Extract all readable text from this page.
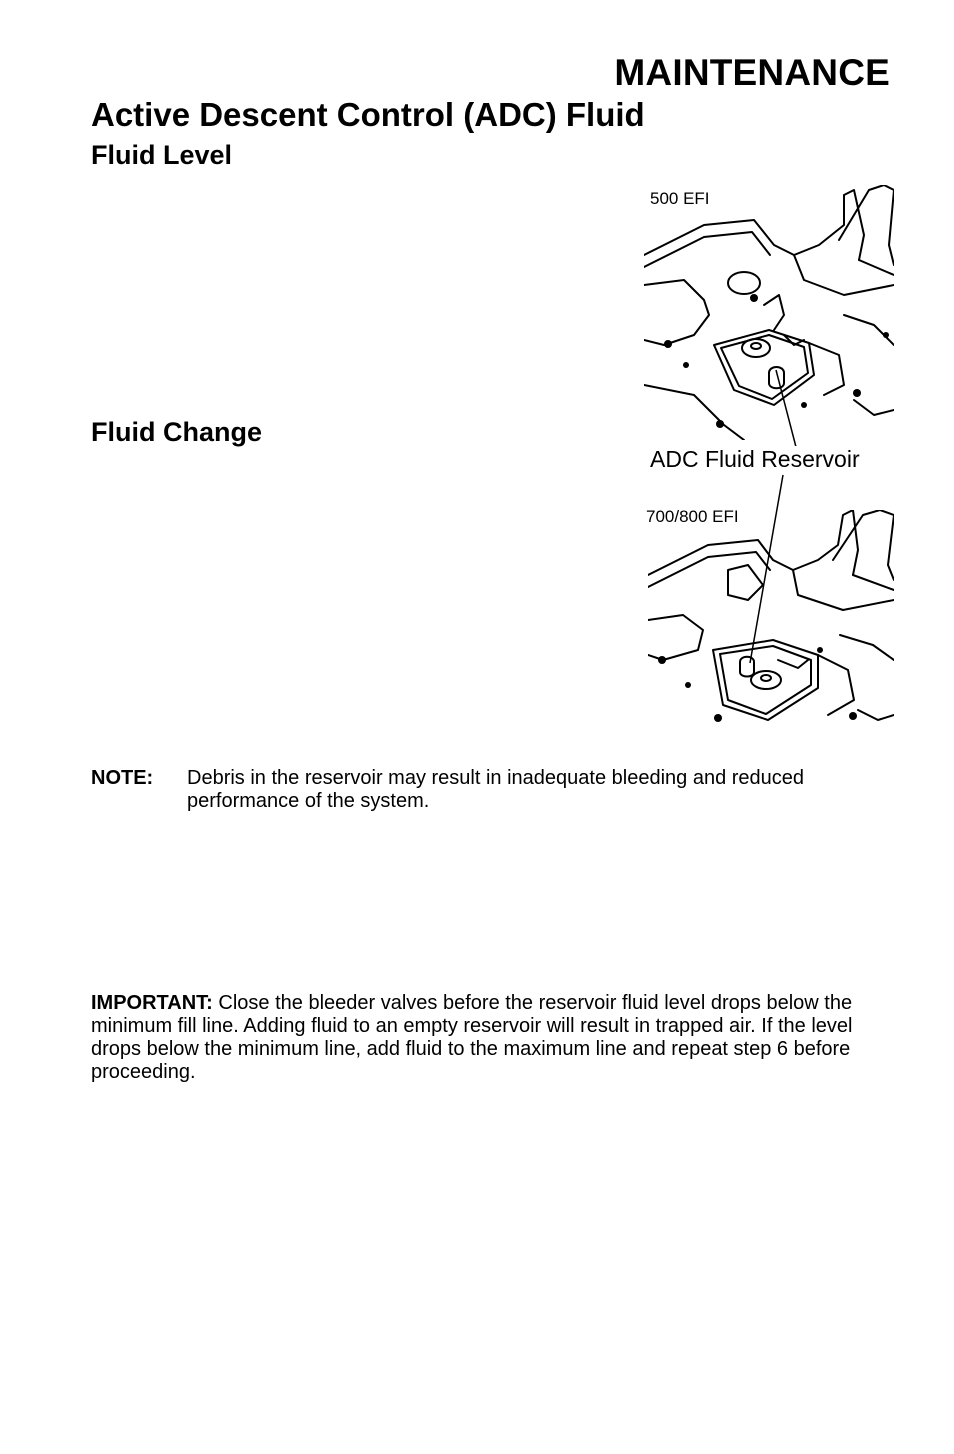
MAINTENANCE
Active Descent Control (ADC) Fluid
Fluid Level
Fluid Change
500 EFI
ADC Fluid Reservoir
700/800 EFI
NOTE: Debris in the reservoir may result in inadequate bleeding and reduced performance of the system.
IMPORTANT: Close the bleeder valves before the reservoir fluid level drops below the minimum fill line. Adding fluid to an empty reservoir will result in trapped air. If the level drops below the minimum line, add fluid to the maximum line and repeat step 6 before proceeding.
